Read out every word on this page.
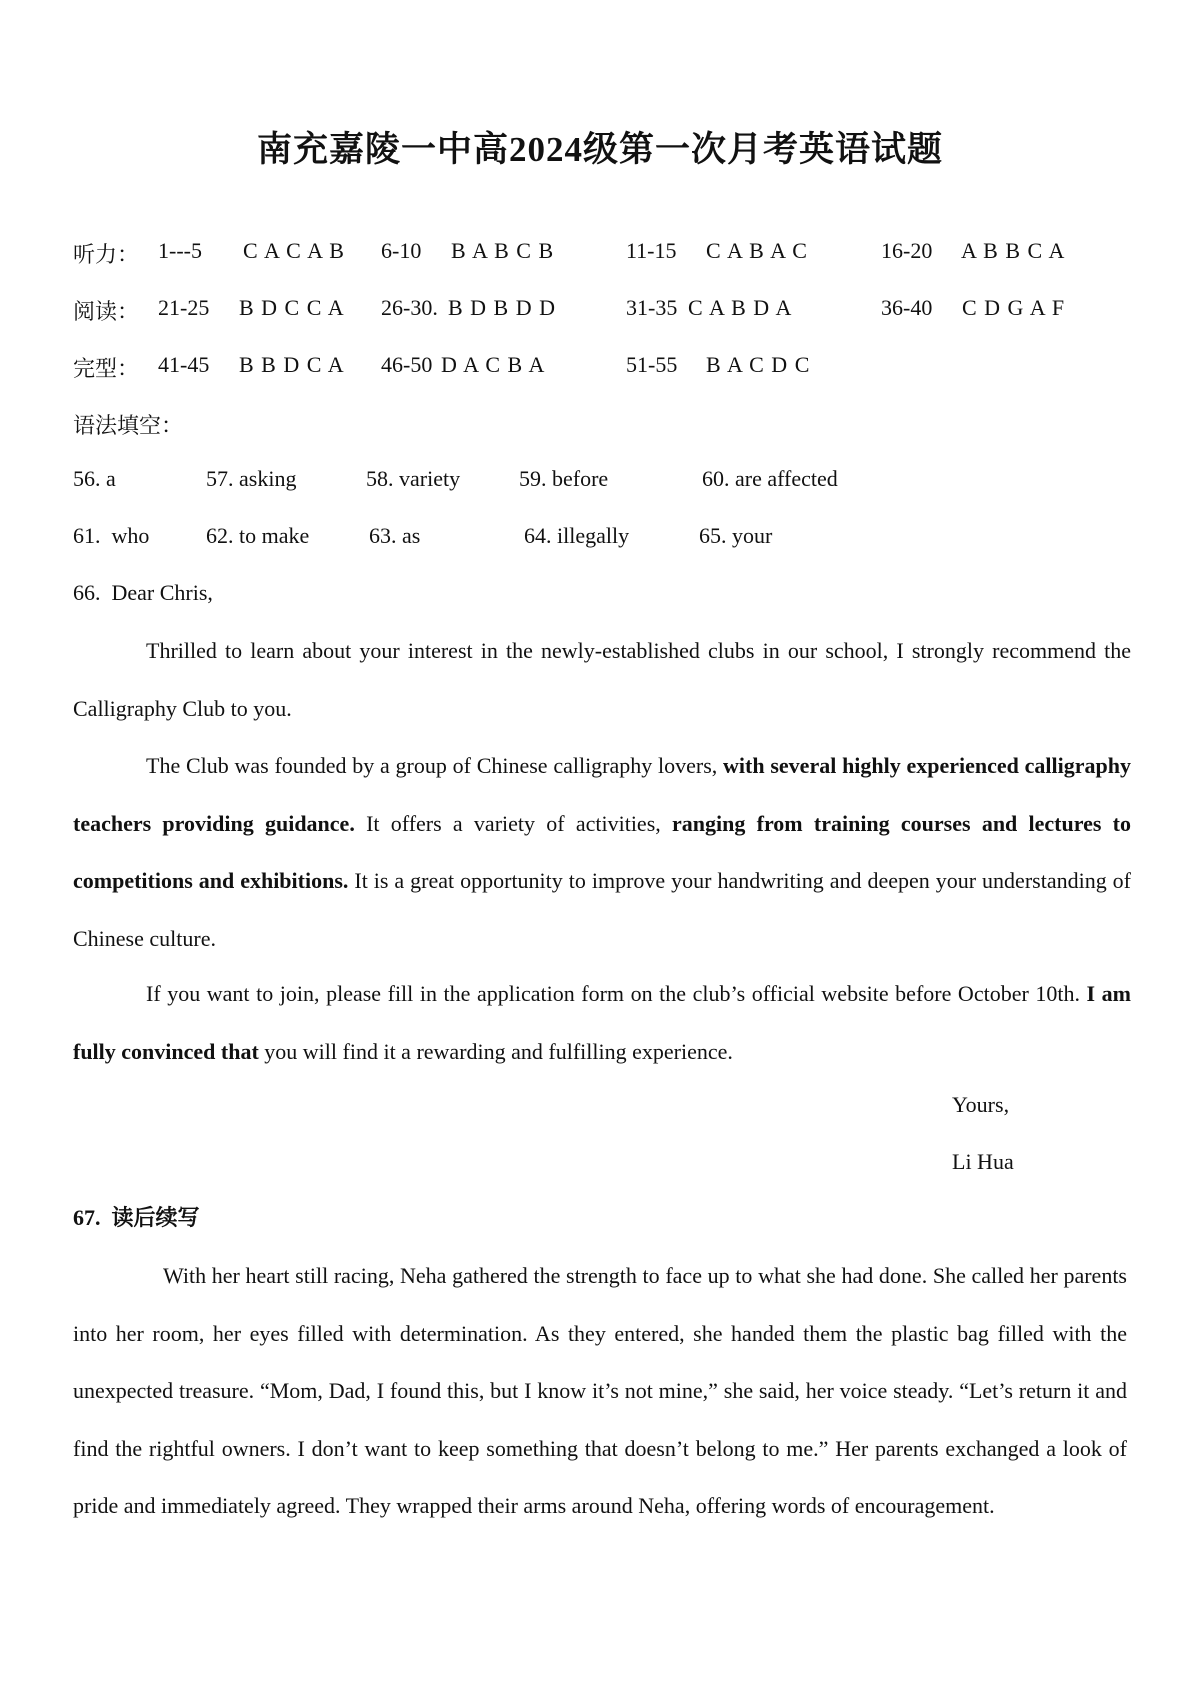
南充嘉陵一中高2024级第一次月考英语试题
听力： 1---5 C A C A B 6-10 B A B C B	11-15 C A B A C	16-20 A B B C A
阅读： 21-25 B D C C A 26-30. B D B D D	31-35 C A B D A	36-40 C D G A F
完型： 41-45 B B D C A 46-50 D A C B A	51-55 B A C D C
语法填空：
56. a	57. asking	58. variety	59. before	60. are affected
61.  who	62. to make	63. as	64. illegally	65. your
66.  Dear Chris,
Thrilled to learn about your interest in the newly-established clubs in our school, I strongly recommend the Calligraphy Club to you.
The Club was founded by a group of Chinese calligraphy lovers, with several highly experienced calligraphy teachers providing guidance. It offers a variety of activities, ranging from training courses and lectures to competitions and exhibitions. It is a great opportunity to improve your handwriting and deepen your understanding of Chinese culture.
If you want to join, please fill in the application form on the club’s official website before October 10th. I am fully convinced that you will find it a rewarding and fulfilling experience.
Yours,
Li Hua
67.  读后续写
With her heart still racing, Neha gathered the strength to face up to what she had done. She called her parents into her room, her eyes filled with determination. As they entered, she handed them the plastic bag filled with the unexpected treasure. “Mom, Dad, I found this, but I know it’s not mine,” she said, her voice steady. “Let’s return it and find the rightful owners. I don’t want to keep something that doesn’t belong to me.” Her parents exchanged a look of pride and immediately agreed. They wrapped their arms around Neha, offering words of encouragement.
